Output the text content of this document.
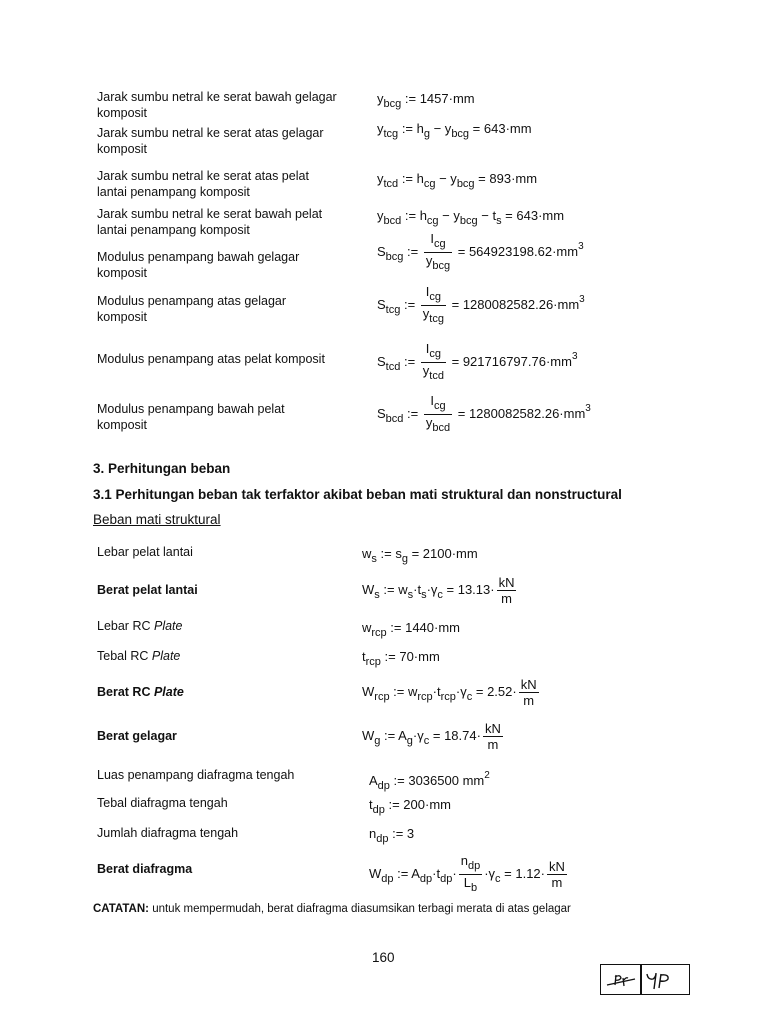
Jarak sumbu netral ke serat bawah gelagar komposit
Jarak sumbu netral ke serat atas gelagar komposit
Jarak sumbu netral ke serat atas pelat lantai penampang komposit
Jarak sumbu netral ke serat bawah pelat lantai penampang komposit
Modulus penampang bawah gelagar komposit
Modulus penampang atas gelagar komposit
Modulus penampang atas pelat komposit
Modulus penampang bawah pelat komposit
$y_{bcg}$ := 1457·mm
$y_{tcg}$ := $h_g - y_{bcg} = 643\cdot mm$
$y_{tcd}$ := $h_{cg} - y_{bcg} = 893\cdot mm$
$y_{bcd}$ := $h_{cg} - y_{bcg} - t_s = 643\cdot mm$
$S_{bcg}$ := $\frac{I_{cg}}{y_{bcg}} = 564923198.62\cdot mm^3$
$S_{tcg}$ := $\frac{I_{cg}}{y_{tcg}} = 1280082582.26\cdot mm^3$
$S_{tcd}$ := $\frac{I_{cg}}{y_{tcd}} = 921716797.76\cdot mm^3$
$S_{bcd}$ := $\frac{I_{cg}}{y_{bcd}} = 1280082582.26\cdot mm^3$
3. Perhitungan beban
3.1 Perhitungan beban tak terfaktor akibat beban mati struktural dan nonstructural
Beban mati struktural
Lebar pelat lantai
Berat pelat lantai
Lebar RC Plate
Tebal RC Plate
Berat RC Plate
Berat gelagar
Luas penampang diafragma tengah
Tebal diafragma tengah
Jumlah diafragma tengah
Berat diafragma
$w_s$ := $s_g = 2100\cdot mm$
$W_s$ := $w_s\cdot t_s\cdot\gamma_c = 13.13\cdot \frac{kN}{m}$
$w_{rcp}$ := 1440·mm
$t_{rcp}$ := 70·mm
$W_{rcp}$ := $w_{rcp}\cdot t_{rcp}\cdot\gamma_c = 2.52\cdot \frac{kN}{m}$
$W_g$ := $A_g\cdot\gamma_c = 18.74\cdot \frac{kN}{m}$
$A_{dp}$ := 3036500 $mm^2$
$t_{dp}$ := 200·mm
$n_{dp}$ := 3
$W_{dp}$ := $A_{dp}\cdot t_{dp}\cdot \frac{n_{dp}}{L_b} \cdot\gamma_c = 1.12\cdot \frac{kN}{m}$
CATATAN: untuk mempermudah, berat diafragma diasumsikan terbagi merata di atas gelagar
160
